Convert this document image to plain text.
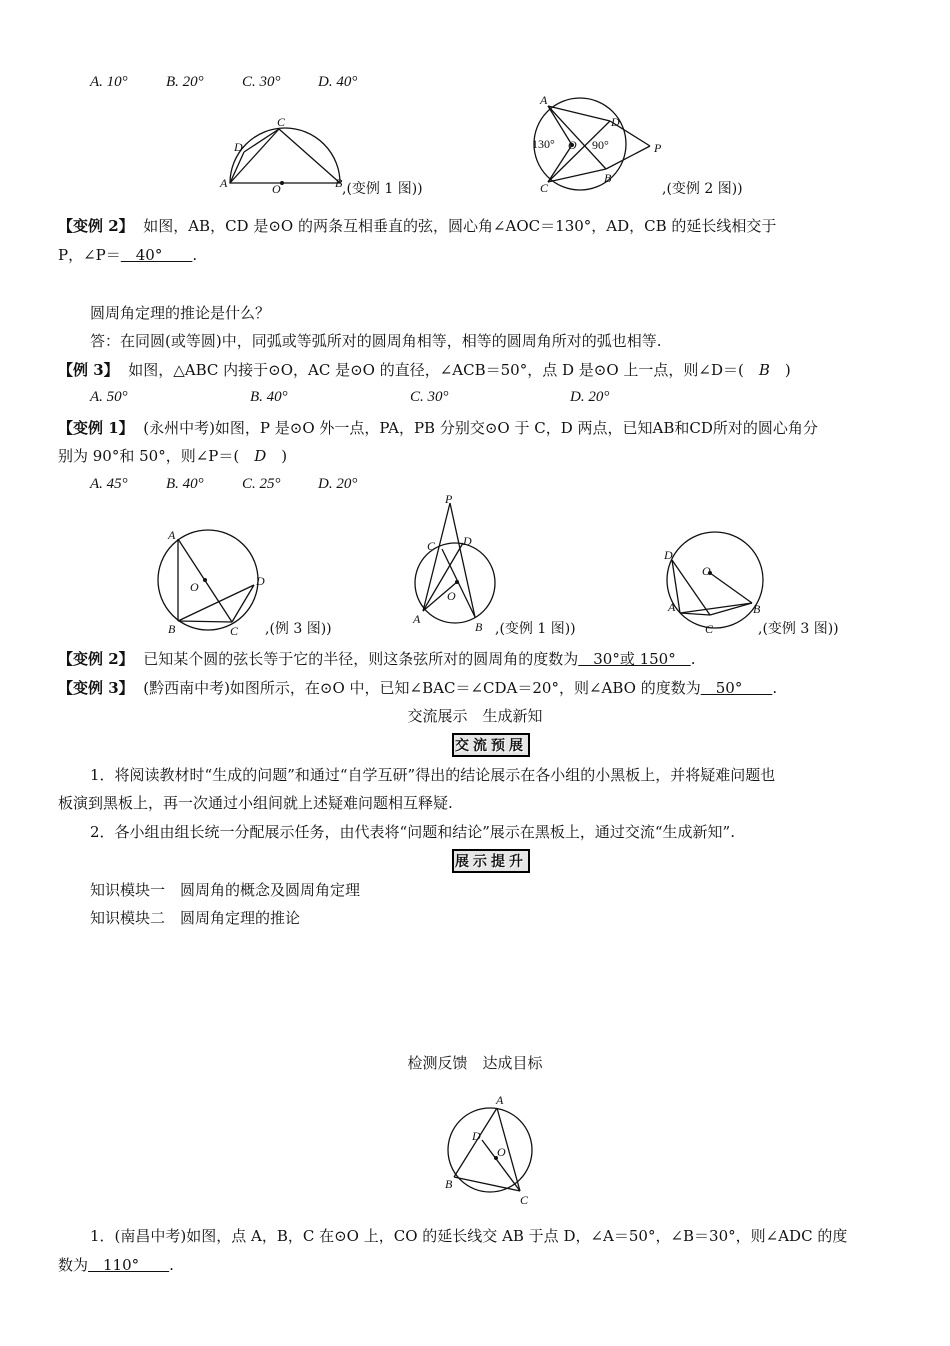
A. 10°	B. 20°	C. 30° D. 40°
A	B
C
D
O	,(变例 1 图))
A
B
C
D
O	P
130°	90°
,(变例 2 图))
【变例 2】 如图，AB，CD 是⊙O 的两条互相垂直的弦，圆心角∠AOC＝130°，AD，CB 的延长线相交于
P，∠P＝　40°　　.
圆周角定理的推论是什么？
答：在同圆(或等圆)中，同弧或等弧所对的圆周角相等，相等的圆周角所对的弧也相等.
【例 3】 如图，△ABC 内接于⊙O，AC 是⊙O 的直径，∠ACB＝50°，点 D 是⊙O 上一点，则∠D＝(　B　)
A. 50°	B. 40°	C. 30°	D. 20°
【变例 1】 (永州中考)如图，P 是⊙O 外一点，PA，PB 分别交⊙O 于 C，D 两点，已知AB和CD所对的圆心角分
别为 90°和 50°，则∠P＝(　D　)
A. 45°	B. 40°	C. 25° D. 20°
A
B	C
D
O
,(例 3 图))
P
A
B
C D
O
,(变例 1 图))
D
A	B
C
O
,(变例 3 图))
【变例 2】 已知某个圆的弦长等于它的半径，则这条弦所对的圆周角的度数为　30°或 150°　.
【变例 3】 (黔西南中考)如图所示，在⊙O 中，已知∠BAC＝∠CDA＝20°，则∠ABO 的度数为　50°　　.
交流展示　生成新知
交流预展
1．将阅读教材时“生成的问题”和通过“自学互研”得出的结论展示在各小组的小黑板上，并将疑难问题也
板演到黑板上，再一次通过小组间就上述疑难问题相互释疑.
2．各小组由组长统一分配展示任务，由代表将“问题和结论”展示在黑板上，通过交流“生成新知”.
展示提升
知识模块一　圆周角的概念及圆周角定理
知识模块二　圆周角定理的推论
检测反馈　达成目标
A
B
C
D
O
1．(南昌中考)如图，点 A，B，C 在⊙O 上，CO 的延长线交 AB 于点 D，∠A＝50°，∠B＝30°，则∠ADC 的度
数为　110°　　.
